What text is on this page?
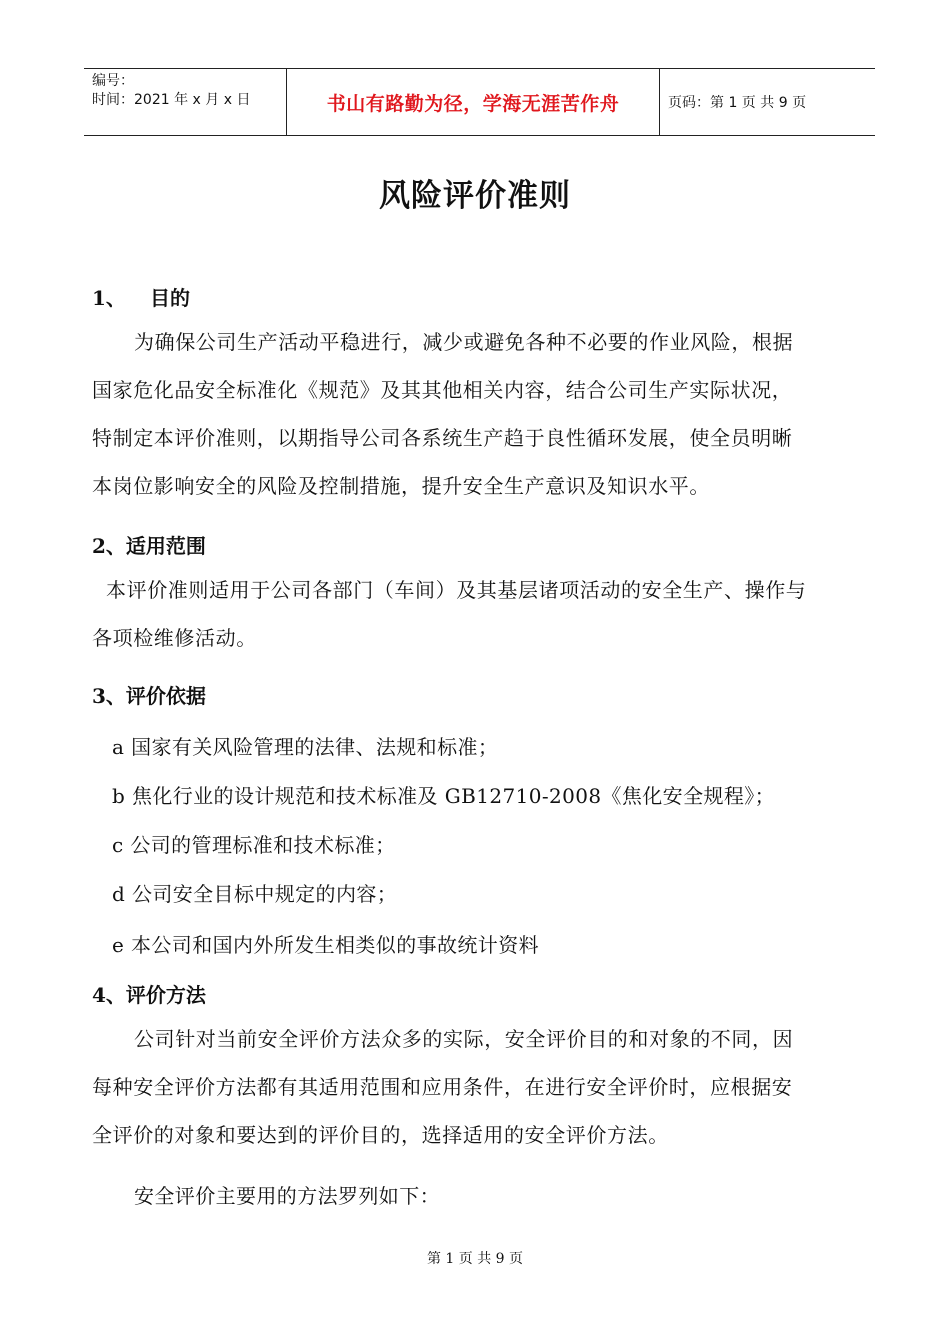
编号：
时间：2021 年 x 月 x 日	书山有路勤为径，学海无涯苦作舟	页码：第 1 页 共 9 页
风险评价准则
1、 目的
为确保公司生产活动平稳进行，减少或避免各种不必要的作业风险，根据
国家危化品安全标准化《规范》及其其他相关内容，结合公司生产实际状况，
特制定本评价准则，以期指导公司各系统生产趋于良性循环发展，使全员明晰
本岗位影响安全的风险及控制措施，提升安全生产意识及知识水平。
2、适用范围
本评价准则适用于公司各部门（车间）及其基层诸项活动的安全生产、操作与
各项检维修活动。
3、评价依据
a 国家有关风险管理的法律、法规和标准；
b 焦化行业的设计规范和技术标准及 GB12710-2008《焦化安全规程》；
c 公司的管理标准和技术标准；
d 公司安全目标中规定的内容；
e 本公司和国内外所发生相类似的事故统计资料
4、评价方法
公司针对当前安全评价方法众多的实际，安全评价目的和对象的不同，因
每种安全评价方法都有其适用范围和应用条件，在进行安全评价时，应根据安
全评价的对象和要达到的评价目的，选择适用的安全评价方法。
安全评价主要用的方法罗列如下：
第 1 页 共 9 页
